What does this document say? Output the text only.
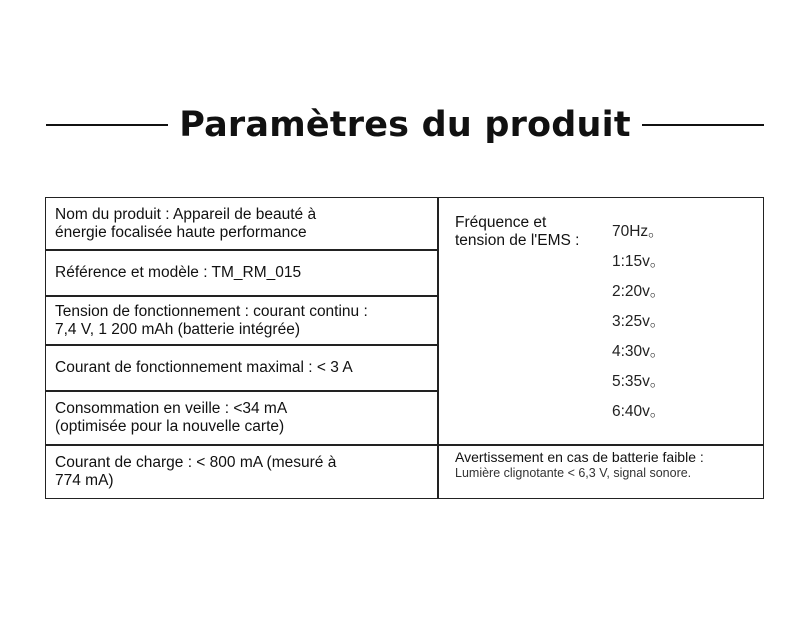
Paramètres du produit
Nom du produit : Appareil de beauté à
énergie focalisée haute performance
Référence et modèle : TM_RM_015
Tension de fonctionnement : courant continu :
7,4 V, 1 200 mAh (batterie intégrée)
Courant de fonctionnement maximal : < 3 A
Consommation en veille : <34 mA
(optimisée pour la nouvelle carte)
Courant de charge : < 800 mA (mesuré à
774 mA)
Fréquence et
tension de l'EMS :
70Hz。
1:15v。
2:20v。
3:25v。
4:30v。
5:35v。
6:40v。
Avertissement en cas de batterie faible :
Lumière clignotante < 6,3 V, signal sonore.
